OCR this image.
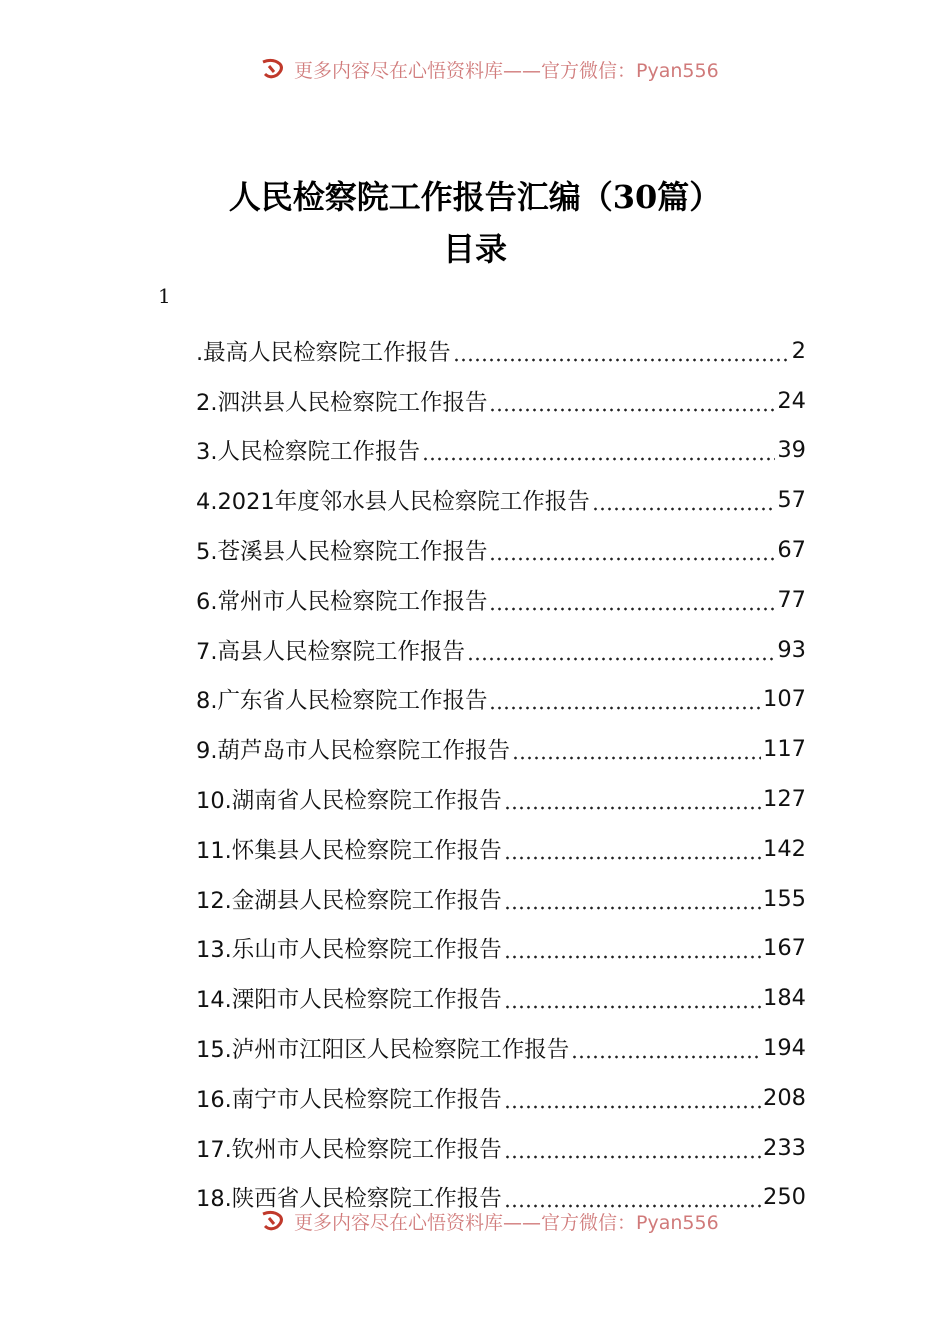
更多内容尽在心悟资料库——官方微信：Pyan556
人民检察院工作报告汇编（30篇）
目录
1
.最高人民检察院工作报告	2
2.泗洪县人民检察院工作报告	24
3.人民检察院工作报告	39
4.2021年度邻水县人民检察院工作报告	57
5.苍溪县人民检察院工作报告	67
6.常州市人民检察院工作报告	77
7.高县人民检察院工作报告	93
8.广东省人民检察院工作报告	107
9.葫芦岛市人民检察院工作报告	117
10.湖南省人民检察院工作报告	127
11.怀集县人民检察院工作报告	142
12.金湖县人民检察院工作报告	155
13.乐山市人民检察院工作报告	167
14.溧阳市人民检察院工作报告	184
15.泸州市江阳区人民检察院工作报告	194
16.南宁市人民检察院工作报告	208
17.钦州市人民检察院工作报告	233
18.陕西省人民检察院工作报告	250
更多内容尽在心悟资料库——官方微信：Pyan556
